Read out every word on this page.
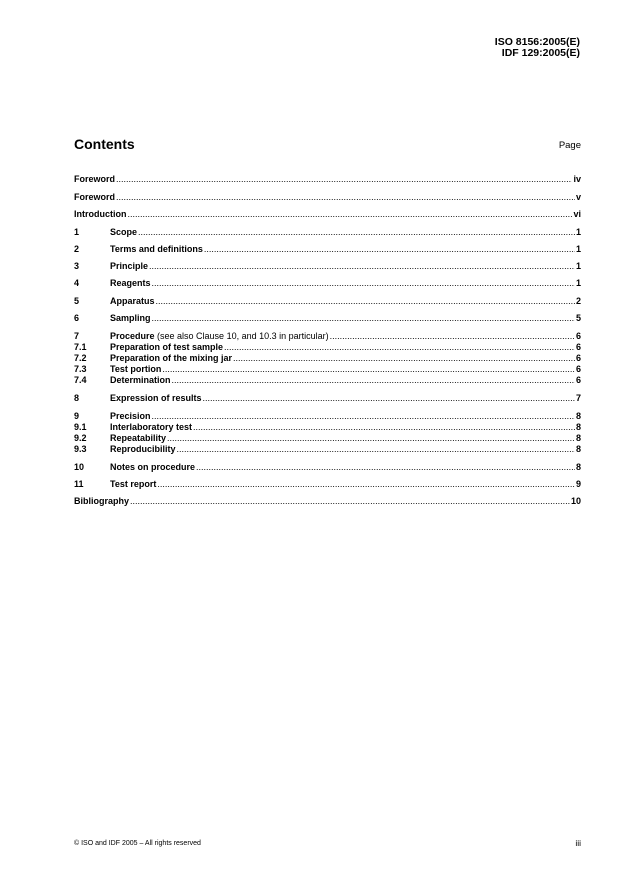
ISO 8156:2005(E)
IDF 129:2005(E)
Contents	Page
Foreword .....	iv
Foreword .....	v
Introduction .....	vi
1	Scope .....	1
2	Terms and definitions .....	1
3	Principle .....	1
4	Reagents .....	1
5	Apparatus .....	2
6	Sampling .....	5
7	Procedure (see also Clause 10, and 10.3 in particular) .....	6
7.1	Preparation of test sample .....	6
7.2	Preparation of the mixing jar .....	6
7.3	Test portion .....	6
7.4	Determination .....	6
8	Expression of results .....	7
9	Precision .....	8
9.1	Interlaboratory test .....	8
9.2	Repeatability .....	8
9.3	Reproducibility .....	8
10	Notes on procedure .....	8
11	Test report .....	9
Bibliography .....	10
© ISO and IDF 2005 – All rights reserved	iii
